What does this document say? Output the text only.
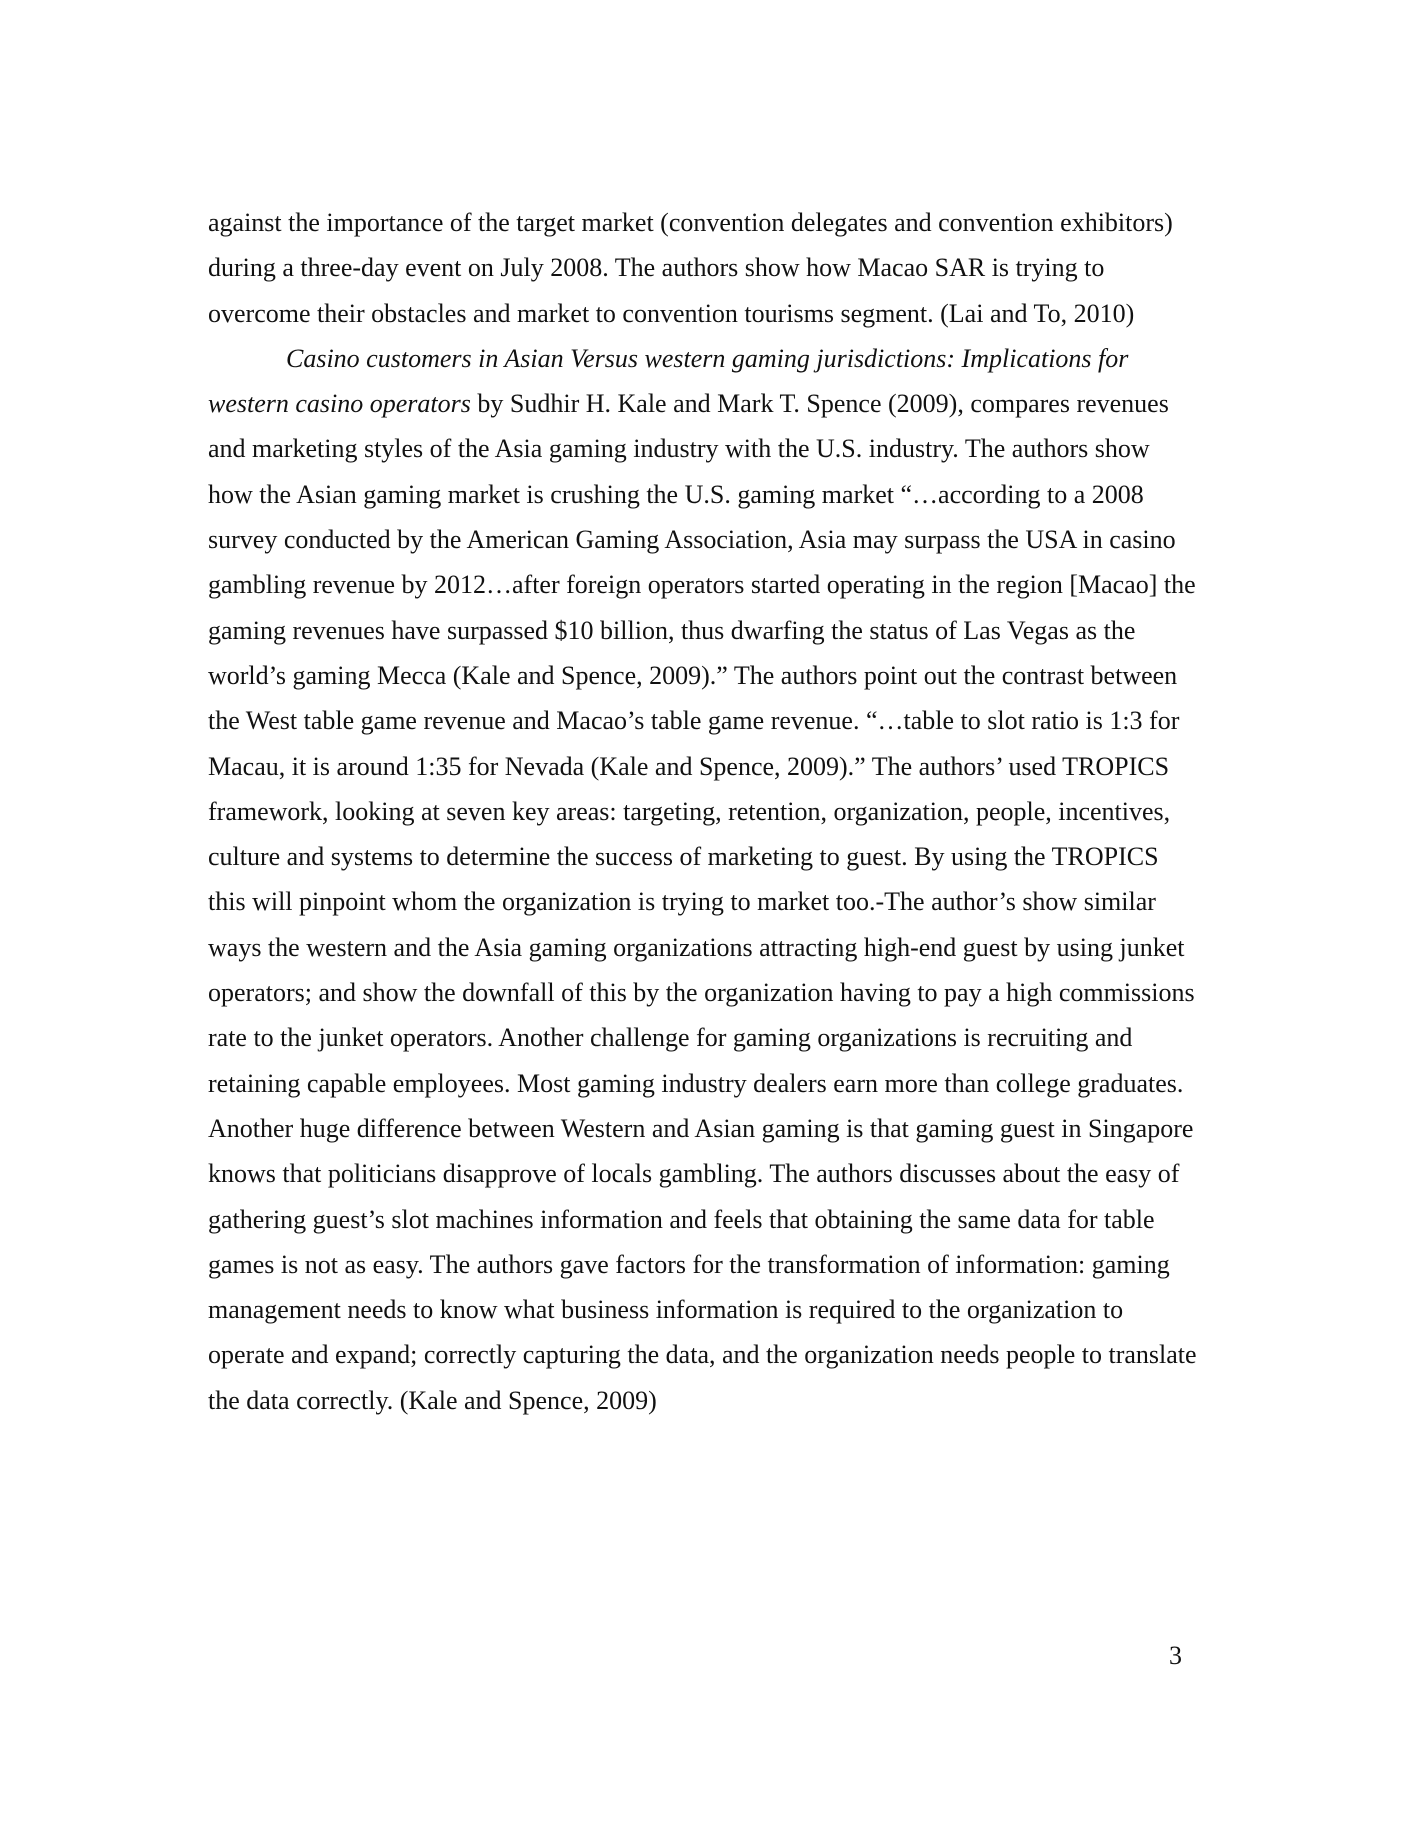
against the importance of the target market (convention delegates and convention exhibitors) during a three-day event on July 2008. The authors show how Macao SAR is trying to overcome their obstacles and market to convention tourisms segment. (Lai and To, 2010)

Casino customers in Asian Versus western gaming jurisdictions: Implications for western casino operators by Sudhir H. Kale and Mark T. Spence (2009), compares revenues and marketing styles of the Asia gaming industry with the U.S. industry. The authors show how the Asian gaming market is crushing the U.S. gaming market “…according to a 2008 survey conducted by the American Gaming Association, Asia may surpass the USA in casino gambling revenue by 2012…after foreign operators started operating in the region [Macao] the gaming revenues have surpassed $10 billion, thus dwarfing the status of Las Vegas as the world’s gaming Mecca (Kale and Spence, 2009).” The authors point out the contrast between the West table game revenue and Macao’s table game revenue. “…table to slot ratio is 1:3 for Macau, it is around 1:35 for Nevada (Kale and Spence, 2009).” The authors’ used TROPICS framework, looking at seven key areas: targeting, retention, organization, people, incentives, culture and systems to determine the success of marketing to guest. By using the TROPICS this will pinpoint whom the organization is trying to market too.-The author’s show similar ways the western and the Asia gaming organizations attracting high-end guest by using junket operators; and show the downfall of this by the organization having to pay a high commissions rate to the junket operators. Another challenge for gaming organizations is recruiting and retaining capable employees. Most gaming industry dealers earn more than college graduates. Another huge difference between Western and Asian gaming is that gaming guest in Singapore knows that politicians disapprove of locals gambling. The authors discusses about the easy of gathering guest’s slot machines information and feels that obtaining the same data for table games is not as easy. The authors gave factors for the transformation of information: gaming management needs to know what business information is required to the organization to operate and expand; correctly capturing the data, and the organization needs people to translate the data correctly. (Kale and Spence, 2009)

3
